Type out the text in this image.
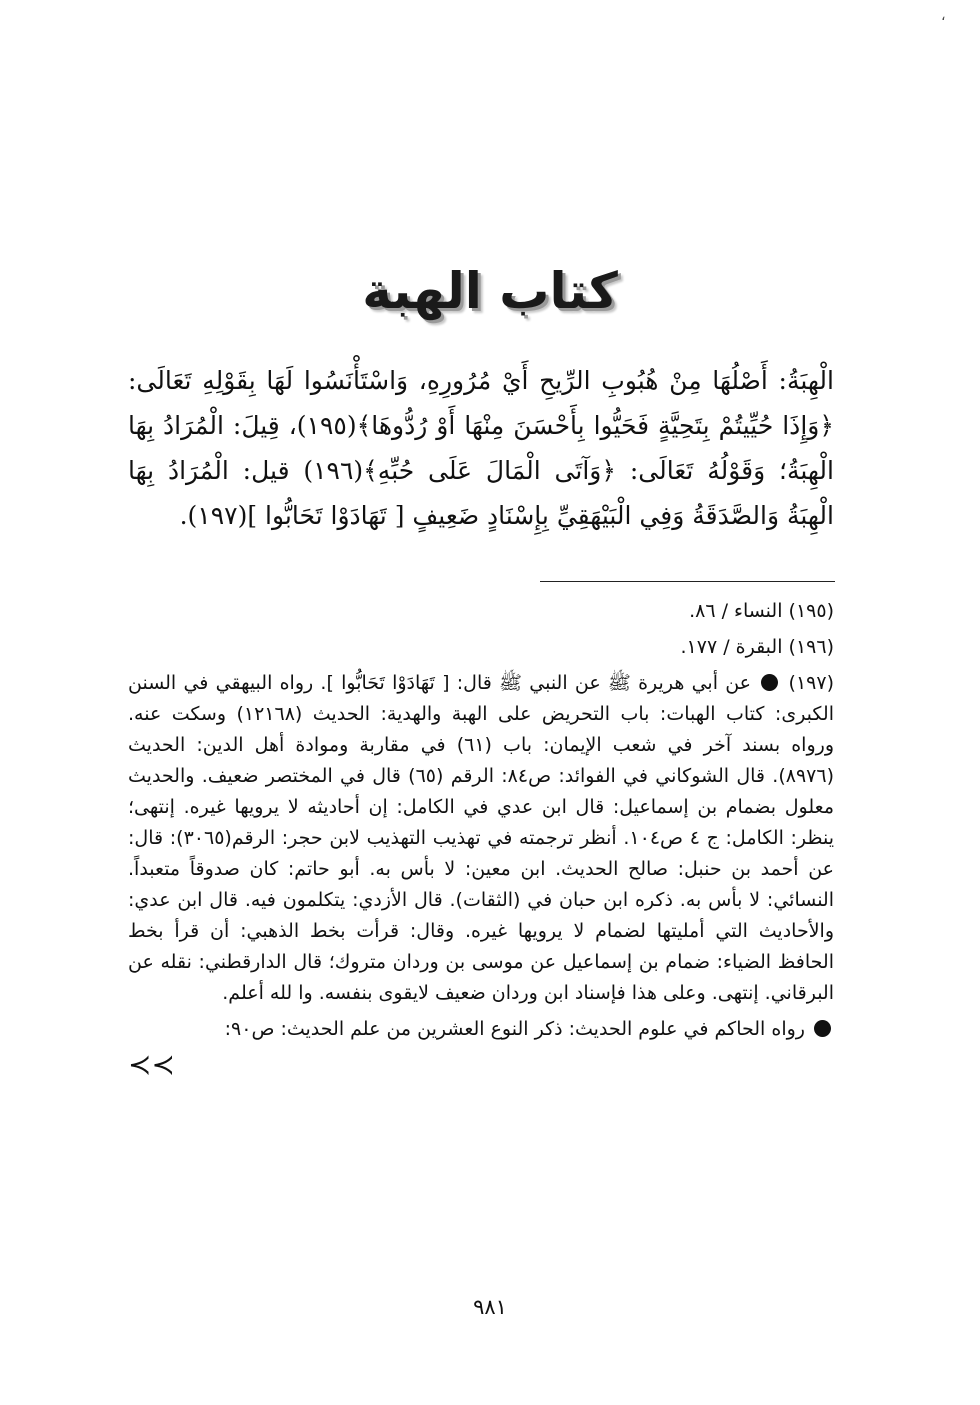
،
كتاب الهبة
الْهِبَةُ: أَصْلُهَا مِنْ هُبُوبِ الرِّيحِ أَيْ مُرُورِهِ، وَاسْتَأْنَسُوا لَهَا بِقَوْلِهِ تَعَالَى: ﴿وَإِذَا حُيِّيتُمْ بِتَحِيَّةٍ فَحَيُّوا بِأَحْسَنَ مِنْهَا أَوْ رُدُّوهَا﴾(١٩٥)، قِيلَ: الْمُرَادُ بِهَا الْهِبَةُ؛ وَقَوْلُهُ تَعَالَى: ﴿وَآتَى الْمَالَ عَلَى حُبِّهِ﴾(١٩٦) قيل: الْمُرَادُ بِهَا الْهِبَةُ وَالصَّدَقَةُ وَفِي الْبَيْهَقِيِّ بِإِسْنَادٍ ضَعِيفٍ [ تَهَادَوْا تَحَابُّوا ](١٩٧).
(١٩٥) النساء / ٨٦.
(١٩٦) البقرة / ١٧٧.
(١٩٧)  عن أبي هريرة ﷺ عن النبي ﷺ قال: [ تَهَادَوْا تَحَابُّوا ]. رواه البيهقي في السنن الكبرى: كتاب الهبات: باب التحريض على الهبة والهدية: الحديث (١٢١٦٨) وسكت عنه. ورواه بسند آخر في شعب الإيمان: باب (٦١) في مقاربة وموادة أهل الدين: الحديث (٨٩٧٦). قال الشوكاني في الفوائد: ص٨٤: الرقم (٦٥) قال في المختصر ضعيف. والحديث معلول بضمام بن إسماعيل: قال ابن عدي في الكامل: إن أحاديثه لا يرويها غيره. إنتهى؛ ينظر: الكامل: ج ٤ ص١٠٤. أنظر ترجمته في تهذيب التهذيب لابن حجر: الرقم(٣٠٦٥): قال: عن أحمد بن حنبل: صالح الحديث. ابن معين: لا بأس به. أبو حاتم: كان صدوقاً متعبداً. النسائي: لا بأس به. ذكره ابن حبان في (الثقات). قال الأزدي: يتكلمون فيه. قال ابن عدي: والأحاديث التي أمليتها لضمام لا يرويها غيره. وقال: قرأت بخط الذهبي: أن قرأ بخط الحافظ الضياء: ضمام بن إسماعيل عن موسى بن وردان متروك؛ قال الدارقطني: نقله عن البرقاني. إنتهى. وعلى هذا فإسناد ابن وردان ضعيف لايقوى بنفسه. وا لله أعلم.
رواه الحاكم في علوم الحديث: ذكر النوع العشرين من علم الحديث: ص٩٠:
≺≺
٩٨١
